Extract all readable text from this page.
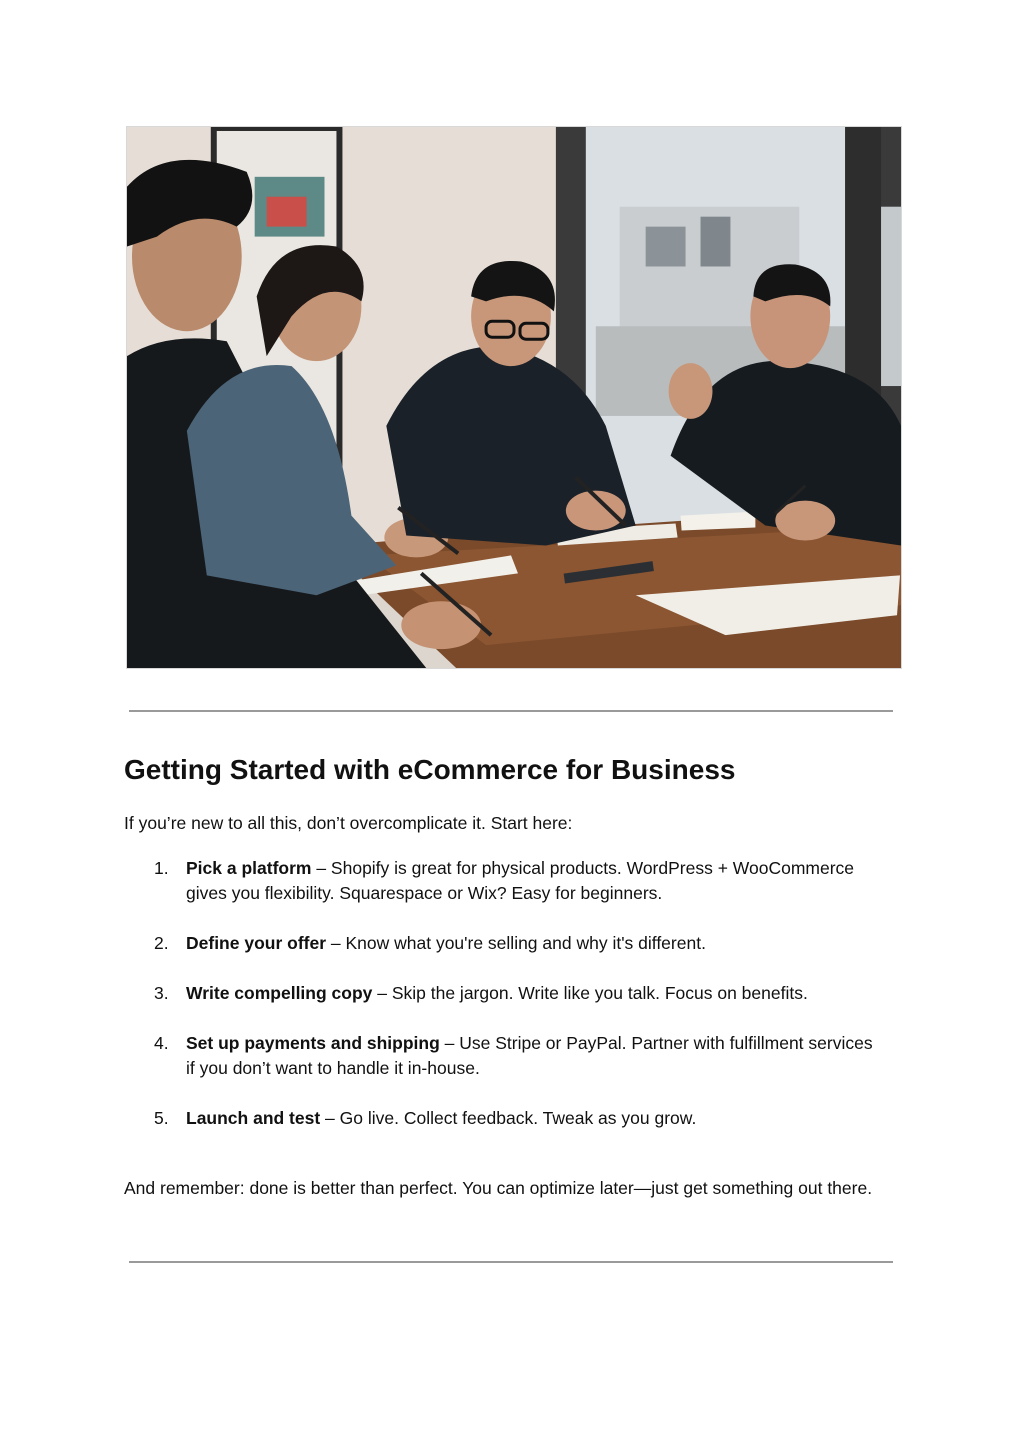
Getting Started with eCommerce for Business

If you’re new to all this, don’t overcomplicate it. Start here:

1. Pick a platform – Shopify is great for physical products. WordPress + WooCommerce gives you flexibility. Squarespace or Wix? Easy for beginners.
2. Define your offer – Know what you're selling and why it's different.
3. Write compelling copy – Skip the jargon. Write like you talk. Focus on benefits.
4. Set up payments and shipping – Use Stripe or PayPal. Partner with fulfillment services if you don’t want to handle it in-house.
5. Launch and test – Go live. Collect feedback. Tweak as you grow.

And remember: done is better than perfect. You can optimize later—just get something out there.
